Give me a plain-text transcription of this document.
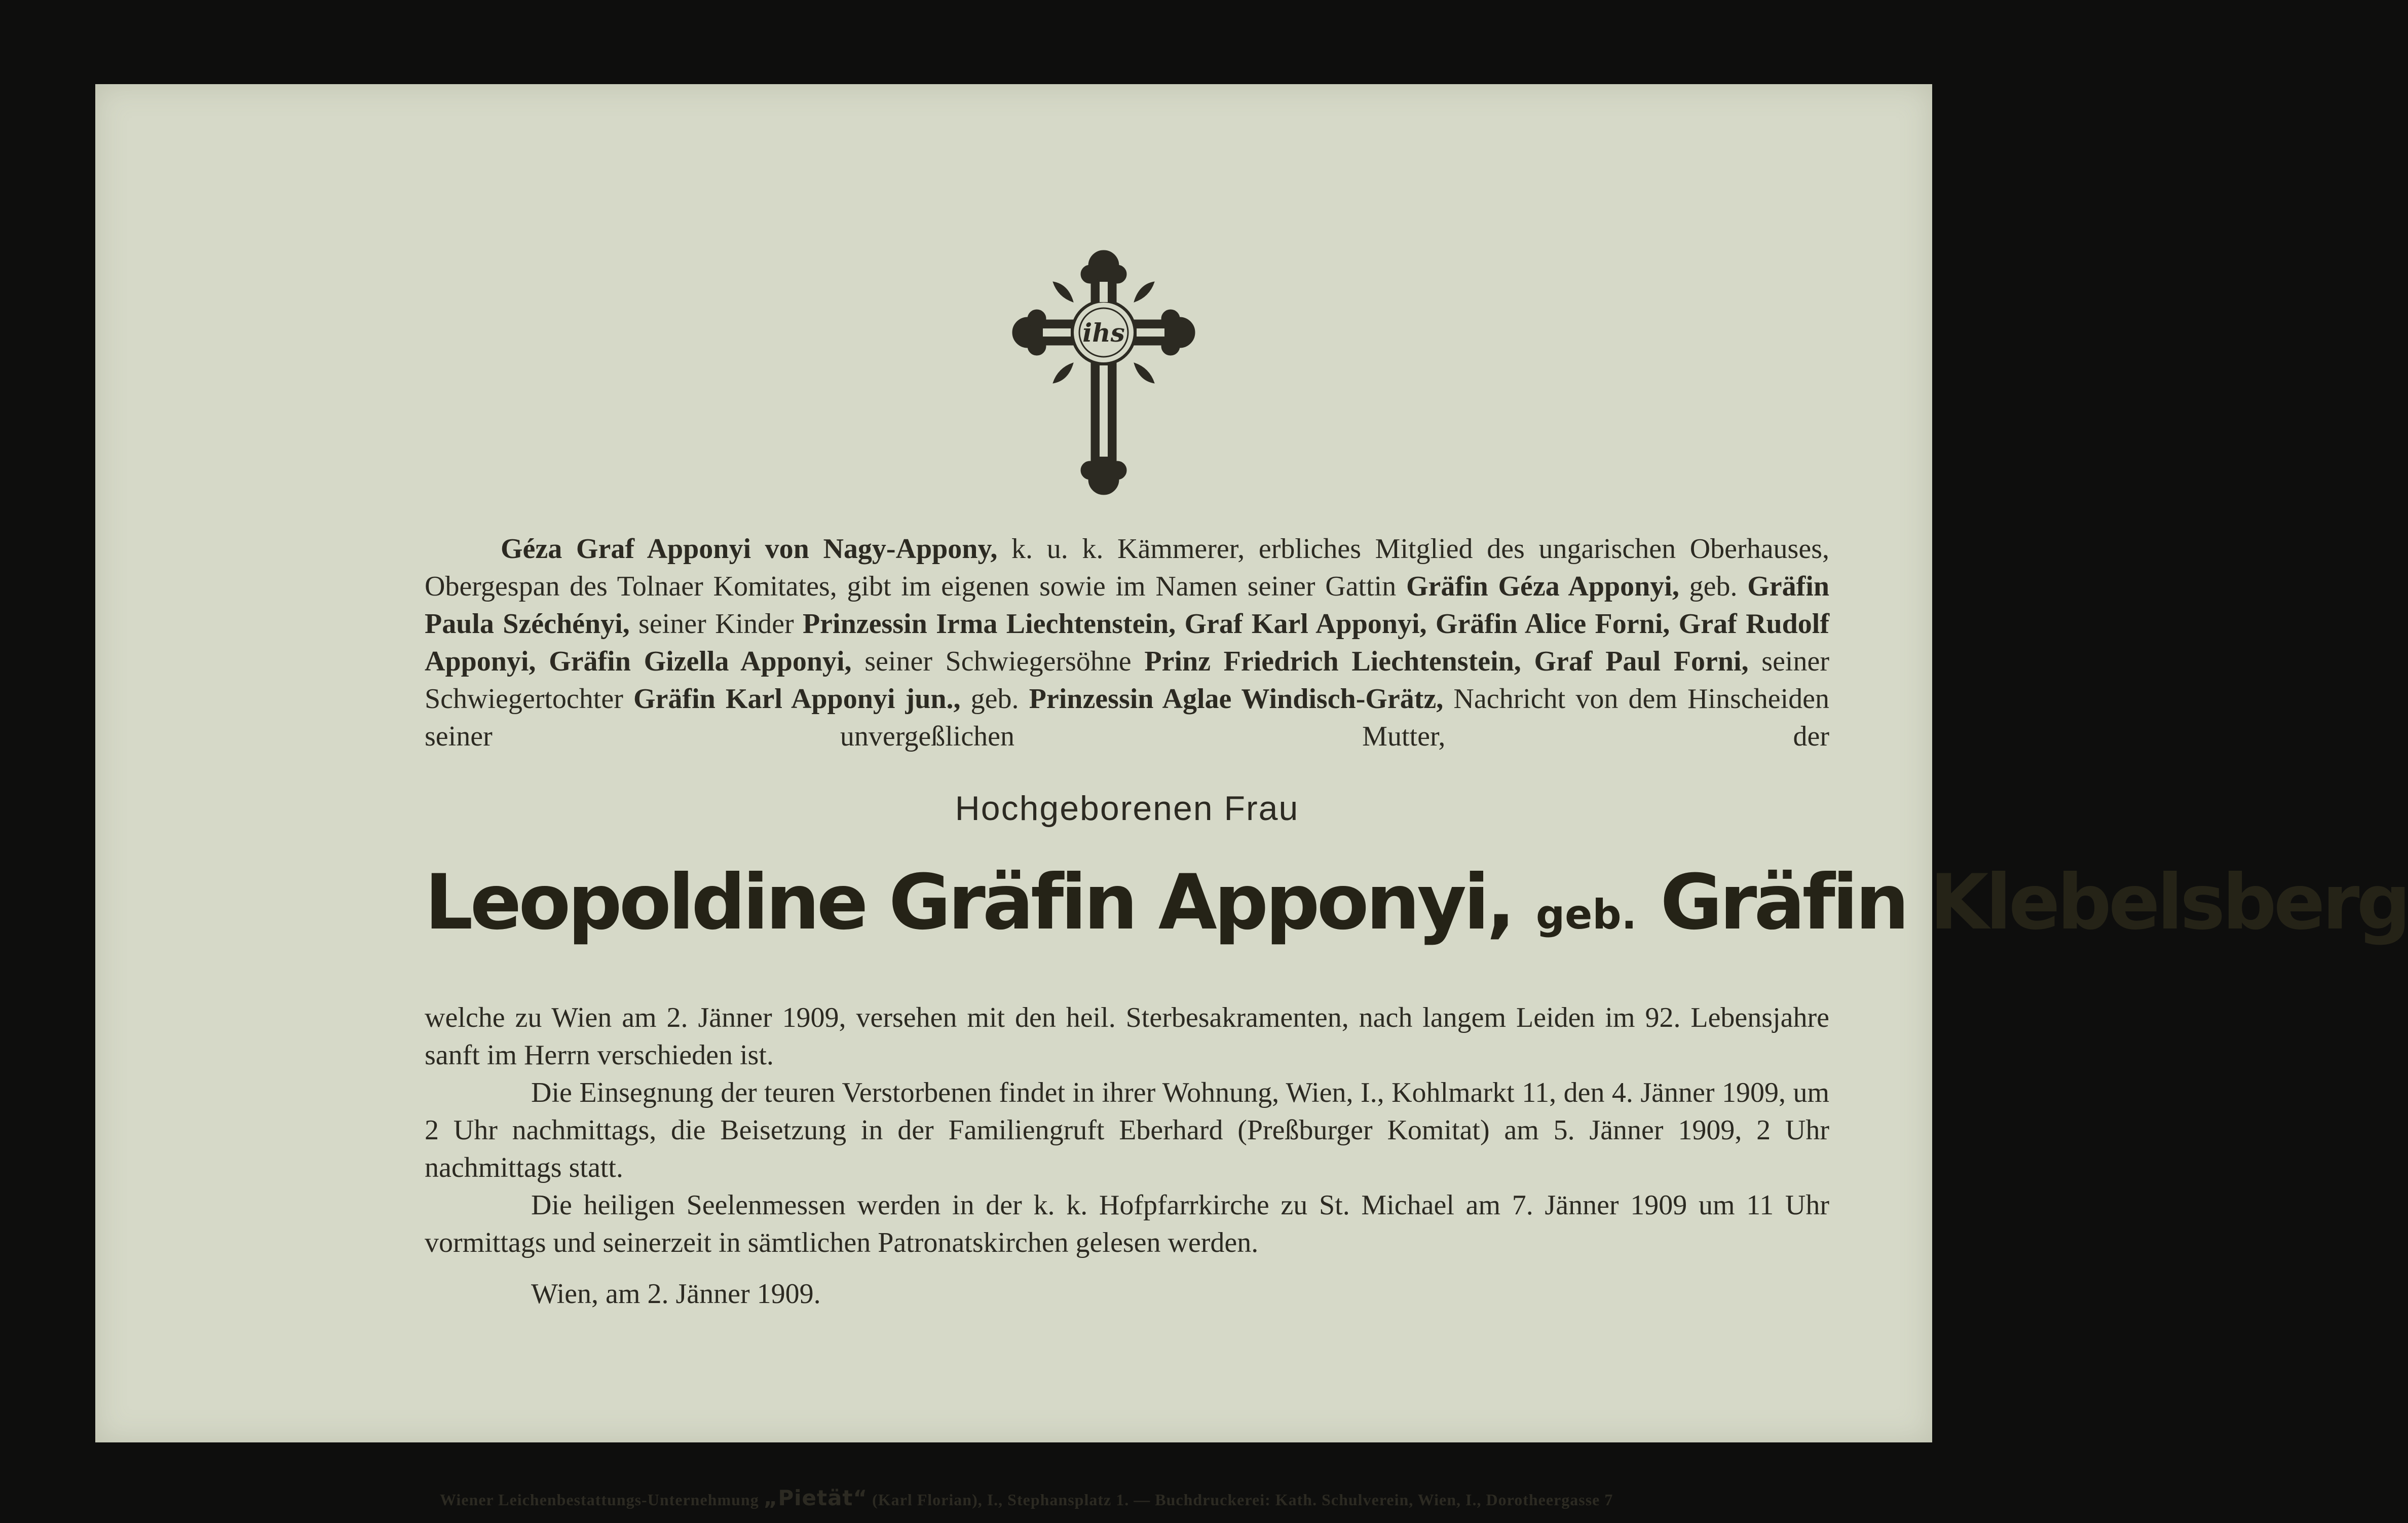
ihs
Géza Graf Apponyi von Nagy-Appony, k. u. k. Kämmerer, erbliches Mitglied des ungarischen Oberhauses, Obergespan des Tolnaer Komitates, gibt im eigenen sowie im Namen seiner Gattin Gräfin Géza Apponyi, geb. Gräfin Paula Széchényi, seiner Kinder Prinzessin Irma Liechtenstein, Graf Karl Apponyi, Gräfin Alice Forni, Graf Rudolf Apponyi, Gräfin Gizella Apponyi, seiner Schwiegersöhne Prinz Friedrich Liechtenstein, Graf Paul Forni, seiner Schwiegertochter Gräfin Karl Apponyi jun., geb. Prinzessin Aglae Windisch-Grätz, Nachricht von dem Hinscheiden seiner unvergeßlichen Mutter, der
Hochgeborenen Frau
Leopoldine Gräfin Apponyi, geb. Gräfin Klebelsberg

welche zu Wien am 2. Jänner 1909, versehen mit den heil. Sterbesakramenten, nach langem Leiden im 92. Lebensjahre sanft im Herrn verschieden ist.

Die Einsegnung der teuren Verstorbenen findet in ihrer Wohnung, Wien, I., Kohlmarkt 11, den 4. Jänner 1909, um 2 Uhr nachmittags, die Beisetzung in der Familiengruft Eberhard (Preßburger Komitat) am 5. Jänner 1909, 2 Uhr nachmittags statt.

Die heiligen Seelenmessen werden in der k. k. Hofpfarrkirche zu St. Michael am 7. Jänner 1909 um 11 Uhr vormittags und seinerzeit in sämtlichen Patronatskirchen gelesen werden.

Wien, am 2. Jänner 1909.
Wiener Leichenbestattungs-Unternehmung „Pietät“ (Karl Florian), I., Stephansplatz 1. — Buchdruckerei: Kath. Schulverein, Wien, I., Dorotheergasse 7
